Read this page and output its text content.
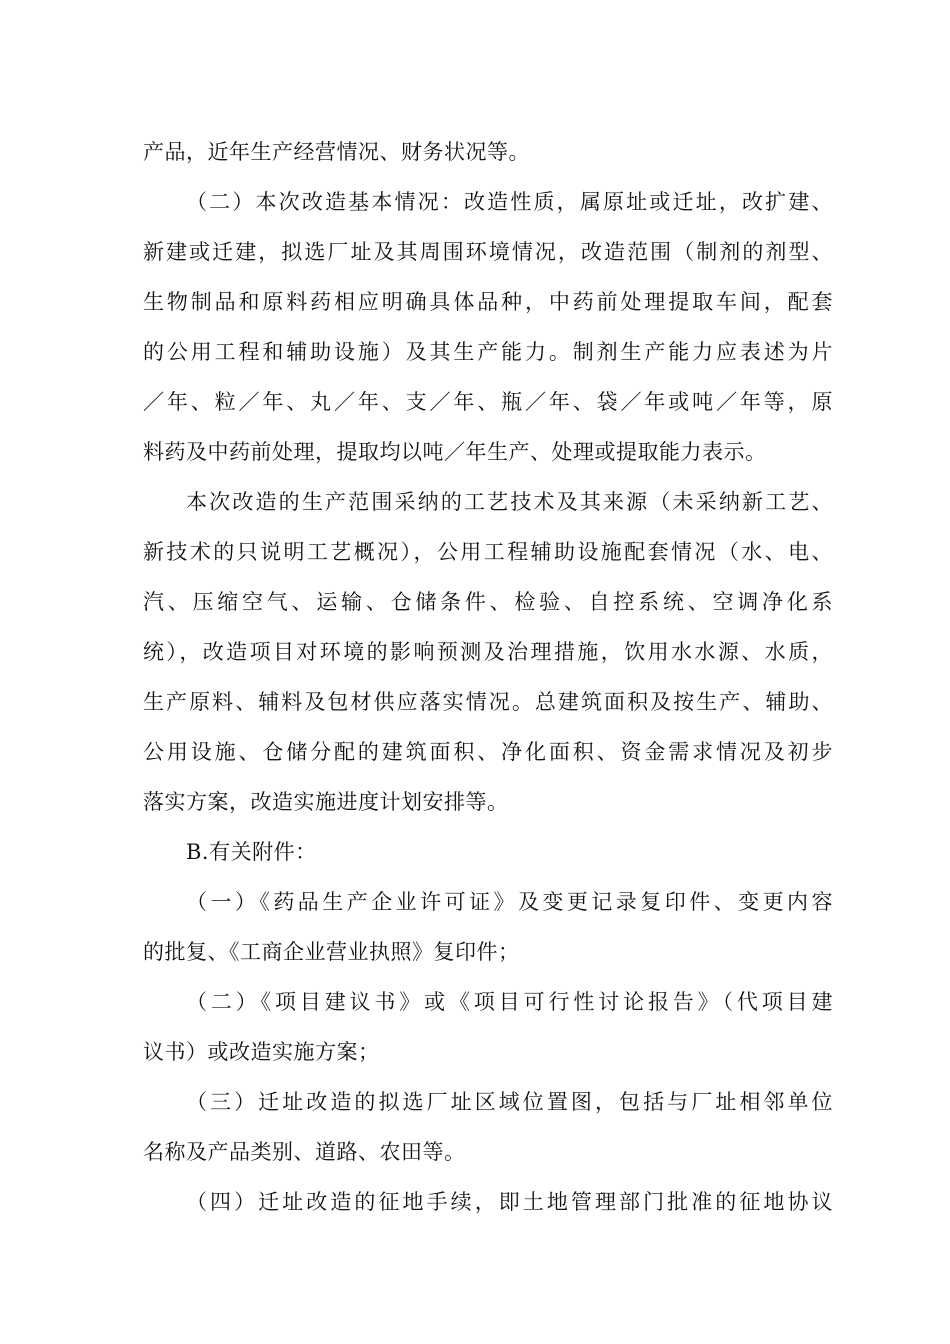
产品，近年生产经营情况、财务状况等。
（二）本次改造基本情况：改造性质，属原址或迁址，改扩建、
新建或迁建，拟选厂址及其周围环境情况，改造范围（制剂的剂型、
生物制品和原料药相应明确具体品种，中药前处理提取车间，配套
的公用工程和辅助设施）及其生产能力。制剂生产能力应表述为片
／年、粒／年、丸／年、支／年、瓶／年、袋／年或吨／年等，原
料药及中药前处理，提取均以吨／年生产、处理或提取能力表示。
本次改造的生产范围采纳的工艺技术及其来源（未采纳新工艺、
新技术的只说明工艺概况），公用工程辅助设施配套情况（水、电、
汽、压缩空气、运输、仓储条件、检验、自控系统、空调净化系
统），改造项目对环境的影响预测及治理措施，饮用水水源、水质，
生产原料、辅料及包材供应落实情况。总建筑面积及按生产、辅助、
公用设施、仓储分配的建筑面积、净化面积、资金需求情况及初步
落实方案，改造实施进度计划安排等。
B.有关附件：
（一）《药品生产企业许可证》及变更记录复印件、变更内容
的批复、《工商企业营业执照》复印件；
（二）《项目建议书》或《项目可行性讨论报告》（代项目建
议书）或改造实施方案；
（三）迁址改造的拟选厂址区域位置图，包括与厂址相邻单位
名称及产品类别、道路、农田等。
（四）迁址改造的征地手续，即土地管理部门批准的征地协议
